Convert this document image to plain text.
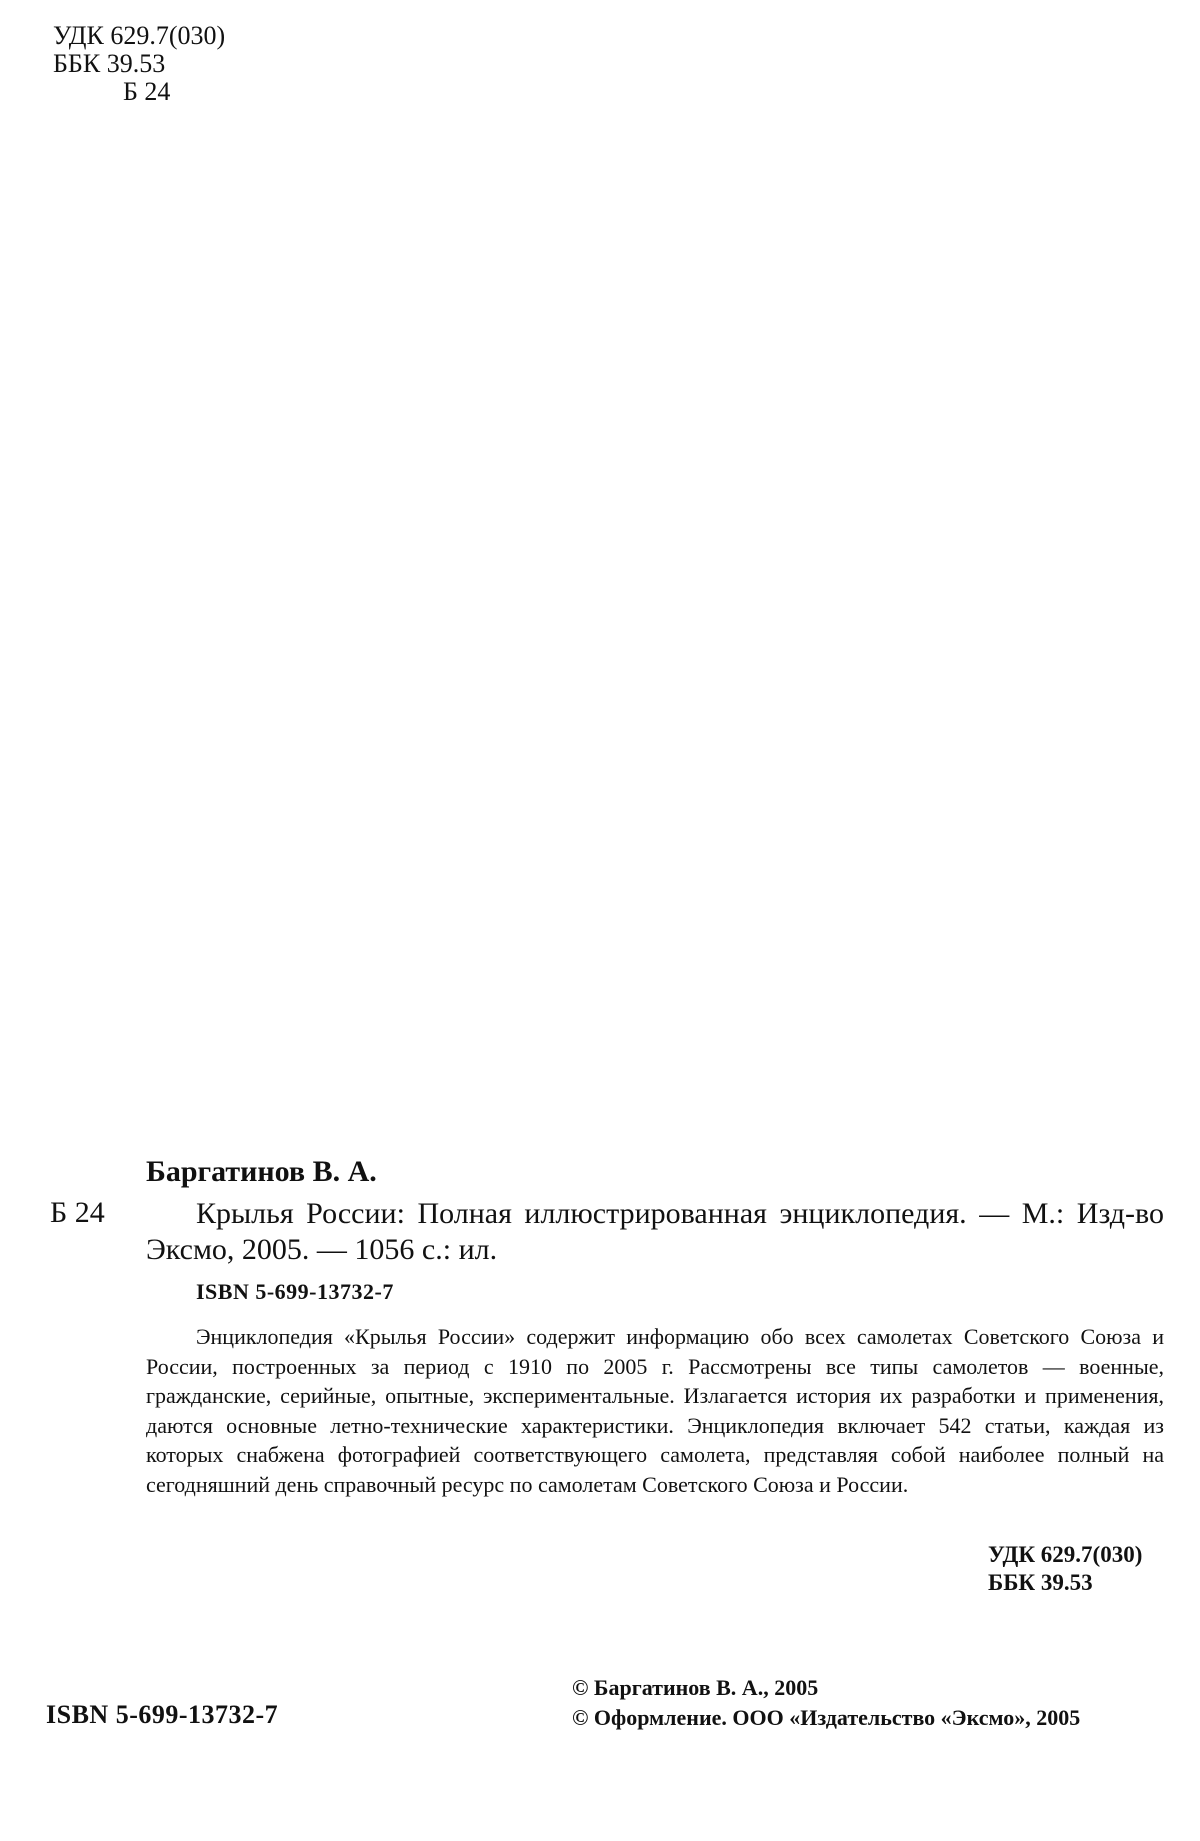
УДК 629.7(030)
ББК 39.53
Б 24
Баргатинов В. А.
Б 24	Крылья России: Полная иллюстрированная энциклопедия. — М.: Изд-во Эксмо, 2005. — 1056 с.: ил.
ISBN 5-699-13732-7
Энциклопедия «Крылья России» содержит информацию обо всех самолетах Советского Союза и России, построенных за период с 1910 по 2005 г. Рассмотрены все типы самолетов — военные, гражданские, серийные, опытные, экспериментальные. Излагается история их разработки и применения, даются основные летно-технические характеристики. Энциклопедия включает 542 статьи, каждая из которых снабжена фотографией соответствующего самолета, представляя собой наиболее полный на сегодняшний день справочный ресурс по самолетам Советского Союза и России.
УДК 629.7(030)
ББК 39.53
ISBN 5-699-13732-7
© Баргатинов В. А., 2005
© Оформление. ООО «Издательство «Эксмо», 2005
